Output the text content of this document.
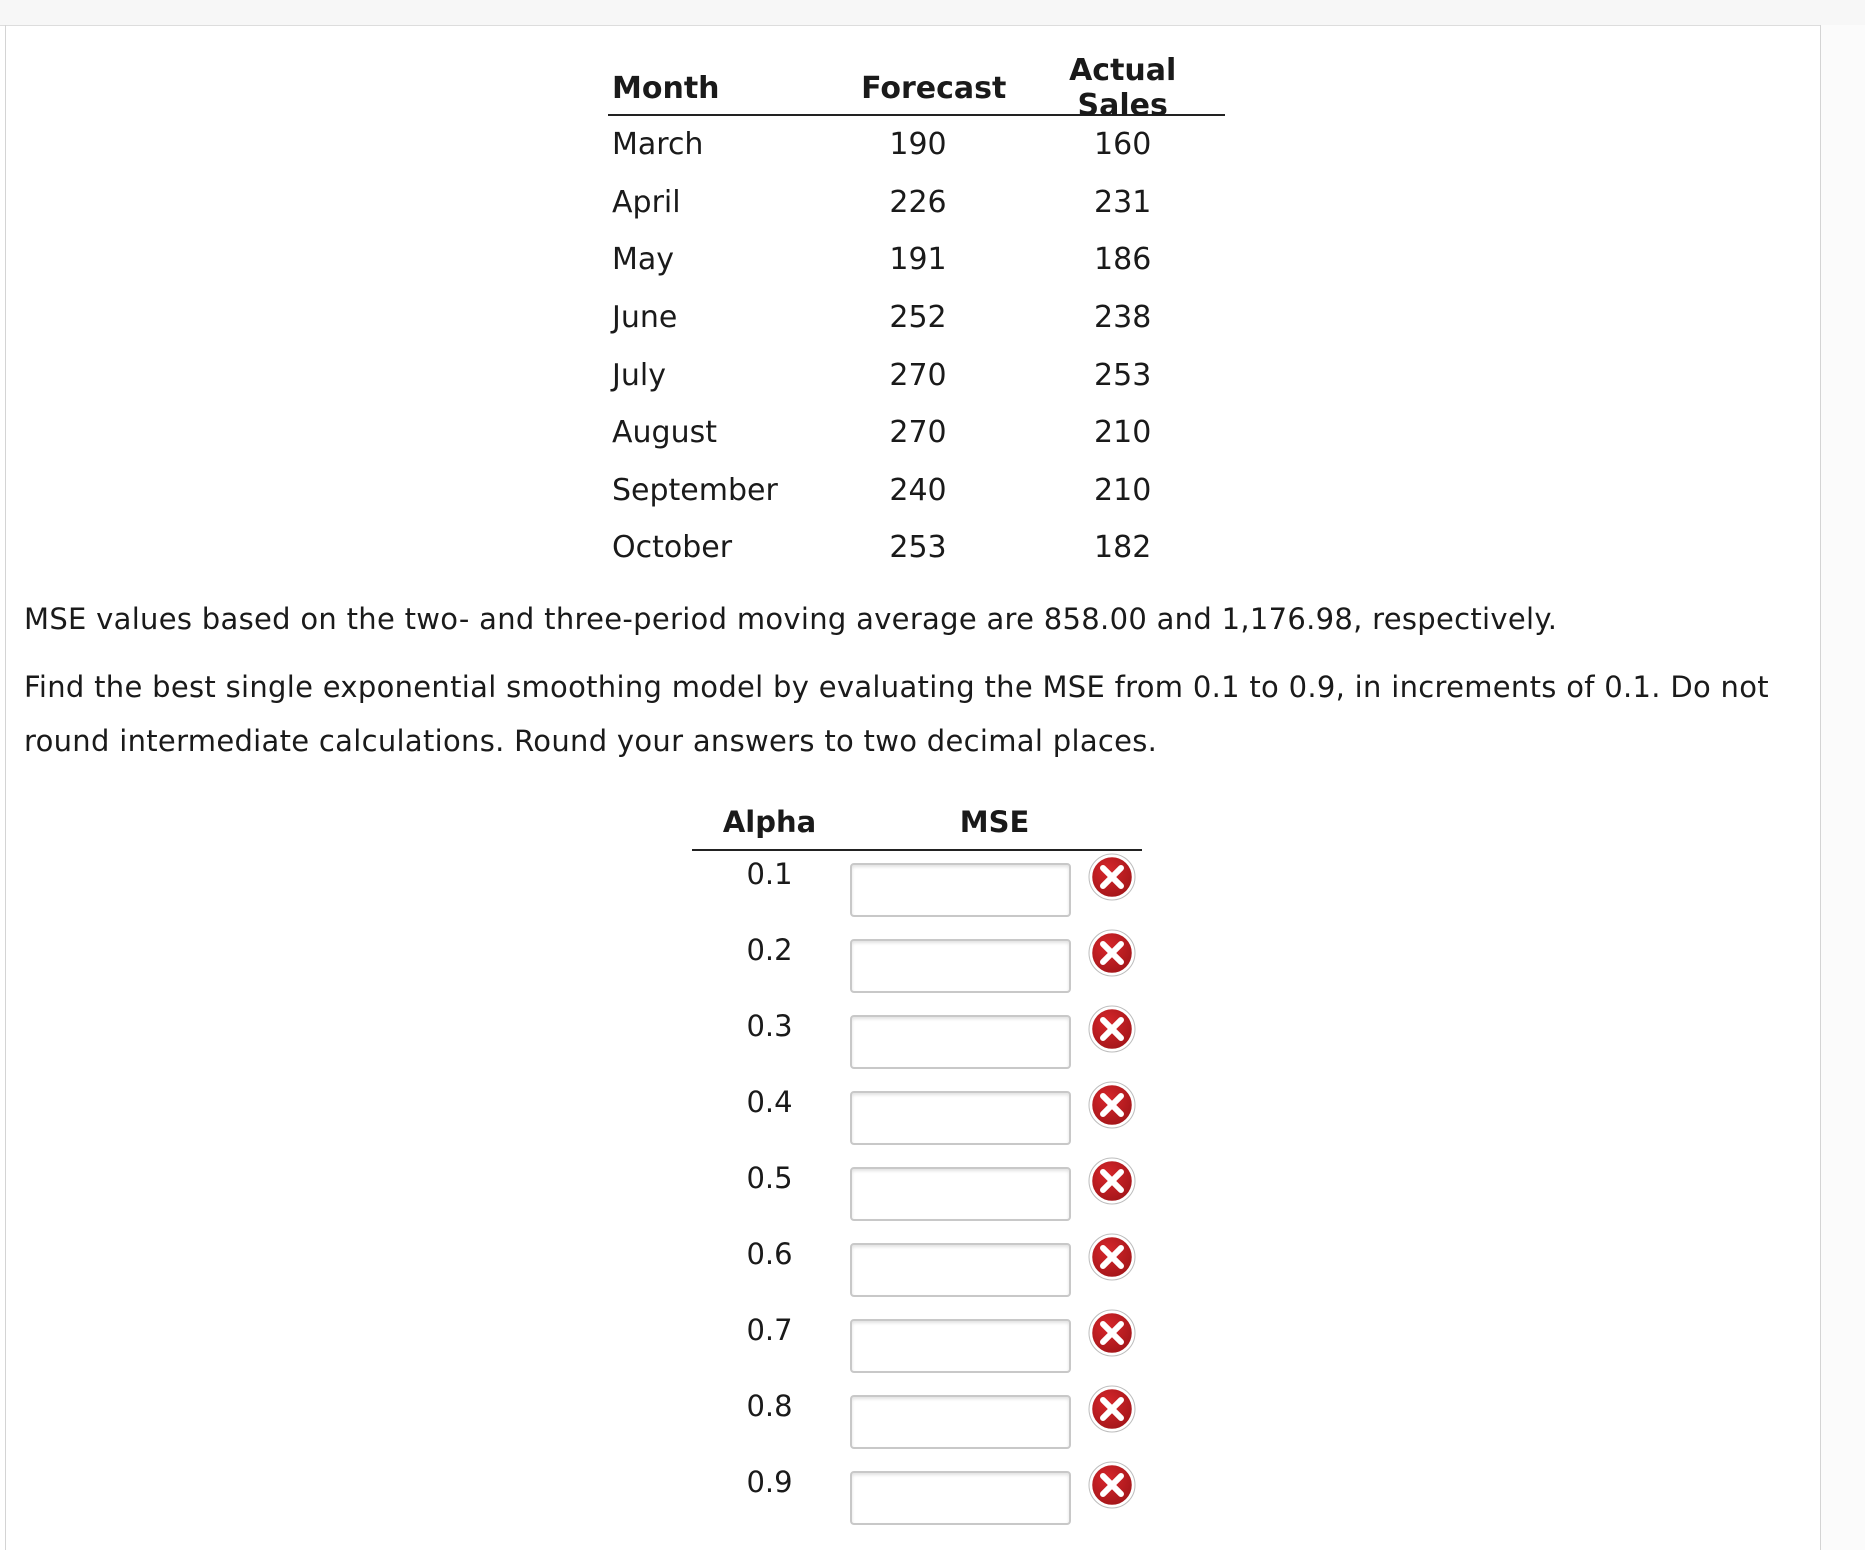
Month	Forecast	Actual Sales
March	190	160
April	226	231
May	191	186
June	252	238
July	270	253
August	270	210
September	240	210
October	253	182
MSE values based on the two- and three-period moving average are 858.00 and 1,176.98, respectively.
Find the best single exponential smoothing model by evaluating the MSE from 0.1 to 0.9, in increments of 0.1. Do not round intermediate calculations. Round your answers to two decimal places.
Alpha	MSE
0.1
0.2
0.3
0.4
0.5
0.6
0.7
0.8
0.9
